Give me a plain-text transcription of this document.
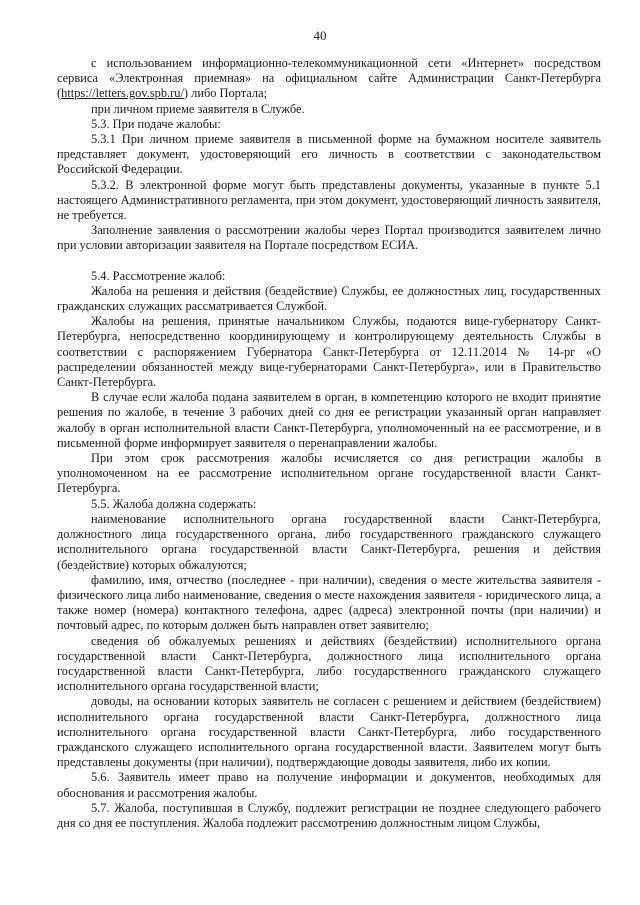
40

с использованием информационно-телекоммуникационной сети «Интернет» посредством сервиса «Электронная приемная» на официальном сайте Администрации Санкт-Петербурга (https://letters.gov.spb.ru/) либо Портала;

при личном приеме заявителя в Службе.

5.3. При подаче жалобы:

5.3.1 При личном приеме заявителя в письменной форме на бумажном носителе заявитель представляет документ, удостоверяющий его личность в соответствии с законодательством Российской Федерации.

5.3.2. В электронной форме могут быть представлены документы, указанные в пункте 5.1 настоящего Административного регламента, при этом документ, удостоверяющий личность заявителя, не требуется.

Заполнение заявления о рассмотрении жалобы через Портал производится заявителем лично при условии авторизации заявителя на Портале посредством ЕСИА.

5.4. Рассмотрение жалоб:

Жалоба на решения и действия (бездействие) Службы, ее должностных лиц, государственных гражданских служащих рассматривается Службой.

Жалобы на решения, принятые начальником Службы, подаются вице-губернатору Санкт-Петербурга, непосредственно координирующему и контролирующему деятельность Службы в соответствии с распоряжением Губернатора Санкт-Петербурга от 12.11.2014 № 14-рг «О распределении обязанностей между вице-губернаторами Санкт-Петербурга», или в Правительство Санкт-Петербурга.

В случае если жалоба подана заявителем в орган, в компетенцию которого не входит принятие решения по жалобе, в течение 3 рабочих дней со дня ее регистрации указанный орган направляет жалобу в орган исполнительной власти Санкт-Петербурга, уполномоченный на ее рассмотрение, и в письменной форме информирует заявителя о перенаправлении жалобы.

При этом срок рассмотрения жалобы исчисляется со дня регистрации жалобы в уполномоченном на ее рассмотрение исполнительном органе государственной власти Санкт-Петербурга.

5.5. Жалоба должна содержать:

наименование исполнительного органа государственной власти Санкт-Петербурга, должностного лица государственного органа, либо государственного гражданского служащего исполнительного органа государственной власти Санкт-Петербурга, решения и действия (бездействие) которых обжалуются;

фамилию, имя, отчество (последнее - при наличии), сведения о месте жительства заявителя - физического лица либо наименование, сведения о месте нахождения заявителя - юридического лица, а также номер (номера) контактного телефона, адрес (адреса) электронной почты (при наличии) и почтовый адрес, по которым должен быть направлен ответ заявителю;

сведения об обжалуемых решениях и действиях (бездействии) исполнительного органа государственной власти Санкт-Петербурга, должностного лица исполнительного органа государственной власти Санкт-Петербурга, либо государственного гражданского служащего исполнительного органа государственной власти;

доводы, на основании которых заявитель не согласен с решением и действием (бездействием) исполнительного органа государственной власти Санкт-Петербурга, должностного лица исполнительного органа государственной власти Санкт-Петербурга, либо государственного гражданского служащего исполнительного органа государственной власти. Заявителем могут быть представлены документы (при наличии), подтверждающие доводы заявителя, либо их копии.

5.6. Заявитель имеет право на получение информации и документов, необходимых для обоснования и рассмотрения жалобы.

5.7. Жалоба, поступившая в Службу, подлежит регистрации не позднее следующего рабочего дня со дня ее поступления. Жалоба подлежит рассмотрению должностным лицом Службы,
